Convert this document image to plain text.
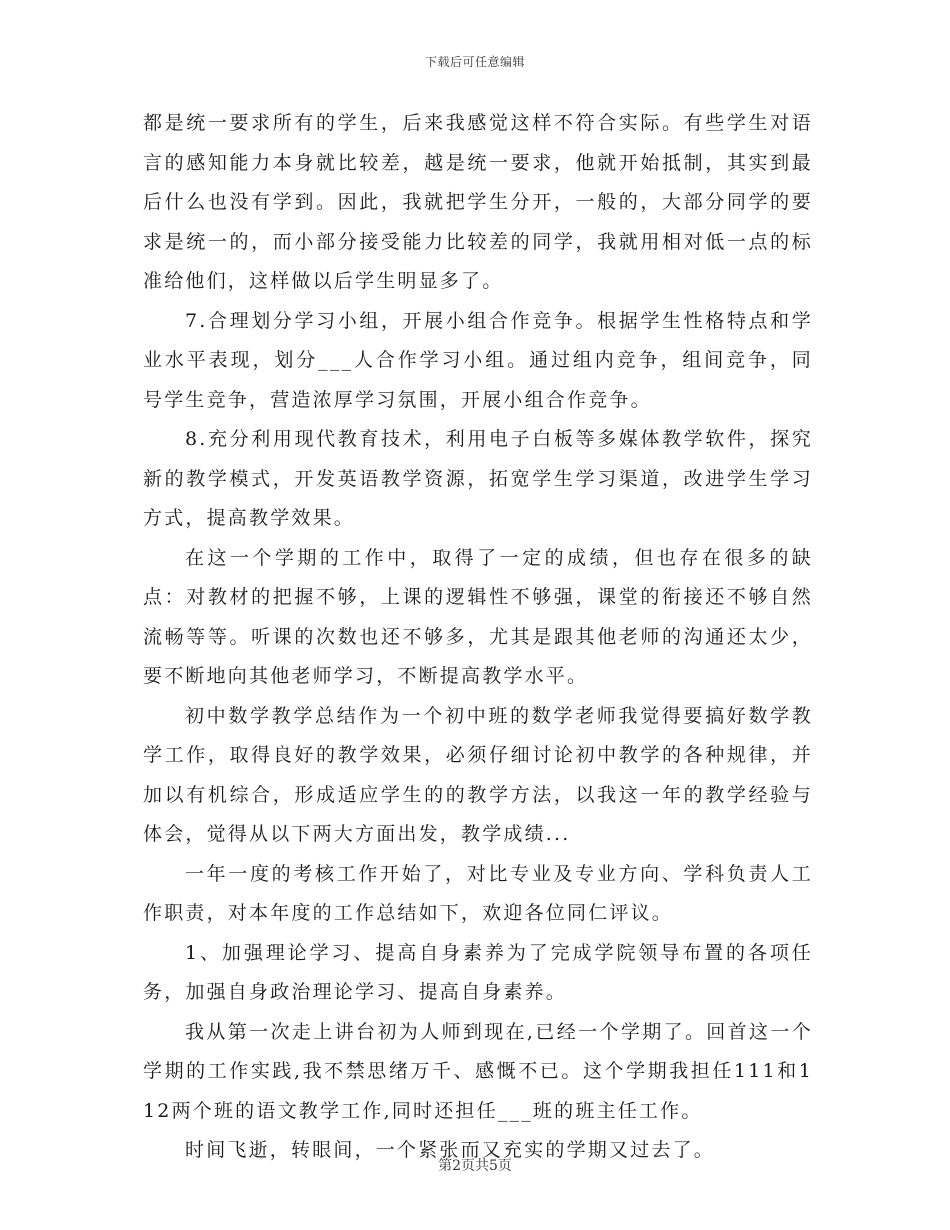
下载后可任意编辑

都是统一要求所有的学生，后来我感觉这样不符合实际。有些学生对语言的感知能力本身就比较差，越是统一要求，他就开始抵制，其实到最后什么也没有学到。因此，我就把学生分开，一般的，大部分同学的要求是统一的，而小部分接受能力比较差的同学，我就用相对低一点的标准给他们，这样做以后学生明显多了。

7.合理划分学习小组，开展小组合作竞争。根据学生性格特点和学业水平表现，划分___人合作学习小组。通过组内竞争，组间竞争，同号学生竞争，营造浓厚学习氛围，开展小组合作竞争。

8.充分利用现代教育技术，利用电子白板等多媒体教学软件，探究新的教学模式，开发英语教学资源，拓宽学生学习渠道，改进学生学习方式，提高教学效果。

在这一个学期的工作中，取得了一定的成绩，但也存在很多的缺点：对教材的把握不够，上课的逻辑性不够强，课堂的衔接还不够自然流畅等等。听课的次数也还不够多，尤其是跟其他老师的沟通还太少，要不断地向其他老师学习，不断提高教学水平。

初中数学教学总结作为一个初中班的数学老师我觉得要搞好数学教学工作，取得良好的教学效果，必须仔细讨论初中教学的各种规律，并加以有机综合，形成适应学生的的教学方法，以我这一年的教学经验与体会，觉得从以下两大方面出发，教学成绩...

一年一度的考核工作开始了，对比专业及专业方向、学科负责人工作职责，对本年度的工作总结如下，欢迎各位同仁评议。

1、加强理论学习、提高自身素养为了完成学院领导布置的各项任务，加强自身政治理论学习、提高自身素养。

我从第一次走上讲台初为人师到现在,已经一个学期了。回首这一个学期的工作实践,我不禁思绪万千、感慨不已。这个学期我担任111和112两个班的语文教学工作,同时还担任___班的班主任工作。

时间飞逝，转眼间，一个紧张而又充实的学期又过去了。

第2页共5页
